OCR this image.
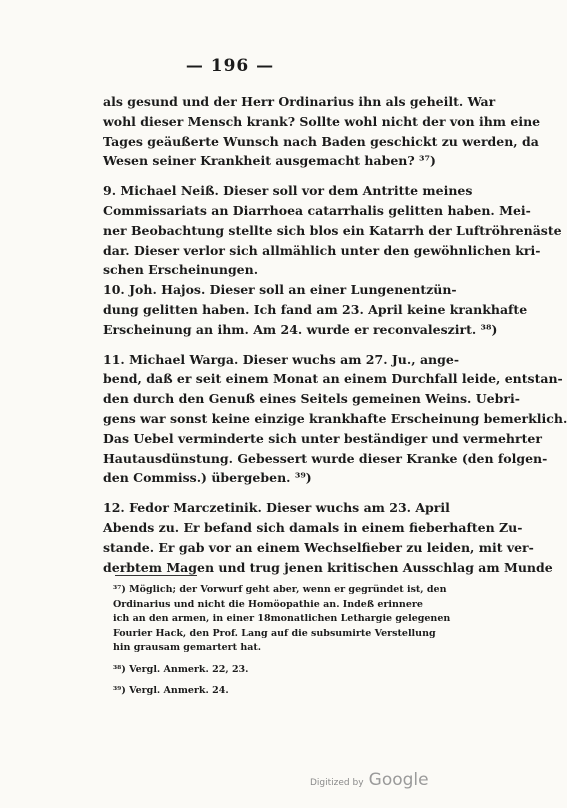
— 196 —
als gesund und der Herr Ordinarius ihn als geheilt. War
wohl dieser Mensch krank? Sollte wohl nicht der von ihm eine
Tages geäußerte Wunsch nach Baden geschickt zu werden, da
Wesen seiner Krankheit ausgemacht haben? ³⁷)
9. Michael Neiß. Dieser soll vor dem Antritte meines
Commissariats an Diarrhoea catarrhalis gelitten haben. Mei-
ner Beobachtung stellte sich blos ein Katarrh der Luftröhrenäste
dar. Dieser verlor sich allmählich unter den gewöhnlichen kri-
schen Erscheinungen.
10. Joh. Hajos. Dieser soll an einer Lungenentzün-
dung gelitten haben. Ich fand am 23. April keine krankhafte
Erscheinung an ihm. Am 24. wurde er reconvaleszirt. ³⁸)
11. Michael Warga. Dieser wuchs am 27. Ju., ange-
bend, daß er seit einem Monat an einem Durchfall leide, entstan-
den durch den Genuß eines Seitels gemeinen Weins. Uebri-
gens war sonst keine einzige krankhafte Erscheinung bemerklich.
Das Uebel verminderte sich unter beständiger und vermehrter
Hautausdünstung. Gebessert wurde dieser Kranke (den folgen-
den Commiss.) übergeben. ³⁹)
12. Fedor Marczetinik. Dieser wuchs am 23. April
Abends zu. Er befand sich damals in einem fieberhaften Zu-
stande. Er gab vor an einem Wechselfieber zu leiden, mit ver-
derbtem Magen und trug jenen kritischen Ausschlag am Munde
³⁷) Möglich; der Vorwurf geht aber, wenn er gegründet ist, den
Ordinarius und nicht die Homöopathie an. Indeß erinnere
ich an den armen, in einer 18monatlichen Lethargie gelegenen
Fourier Hack, den Prof. Lang auf die subsumirte Verstellung
hin grausam gemartert hat.
³⁸) Vergl. Anmerk. 22, 23.
³⁹) Vergl. Anmerk. 24.
Digitized by Google
